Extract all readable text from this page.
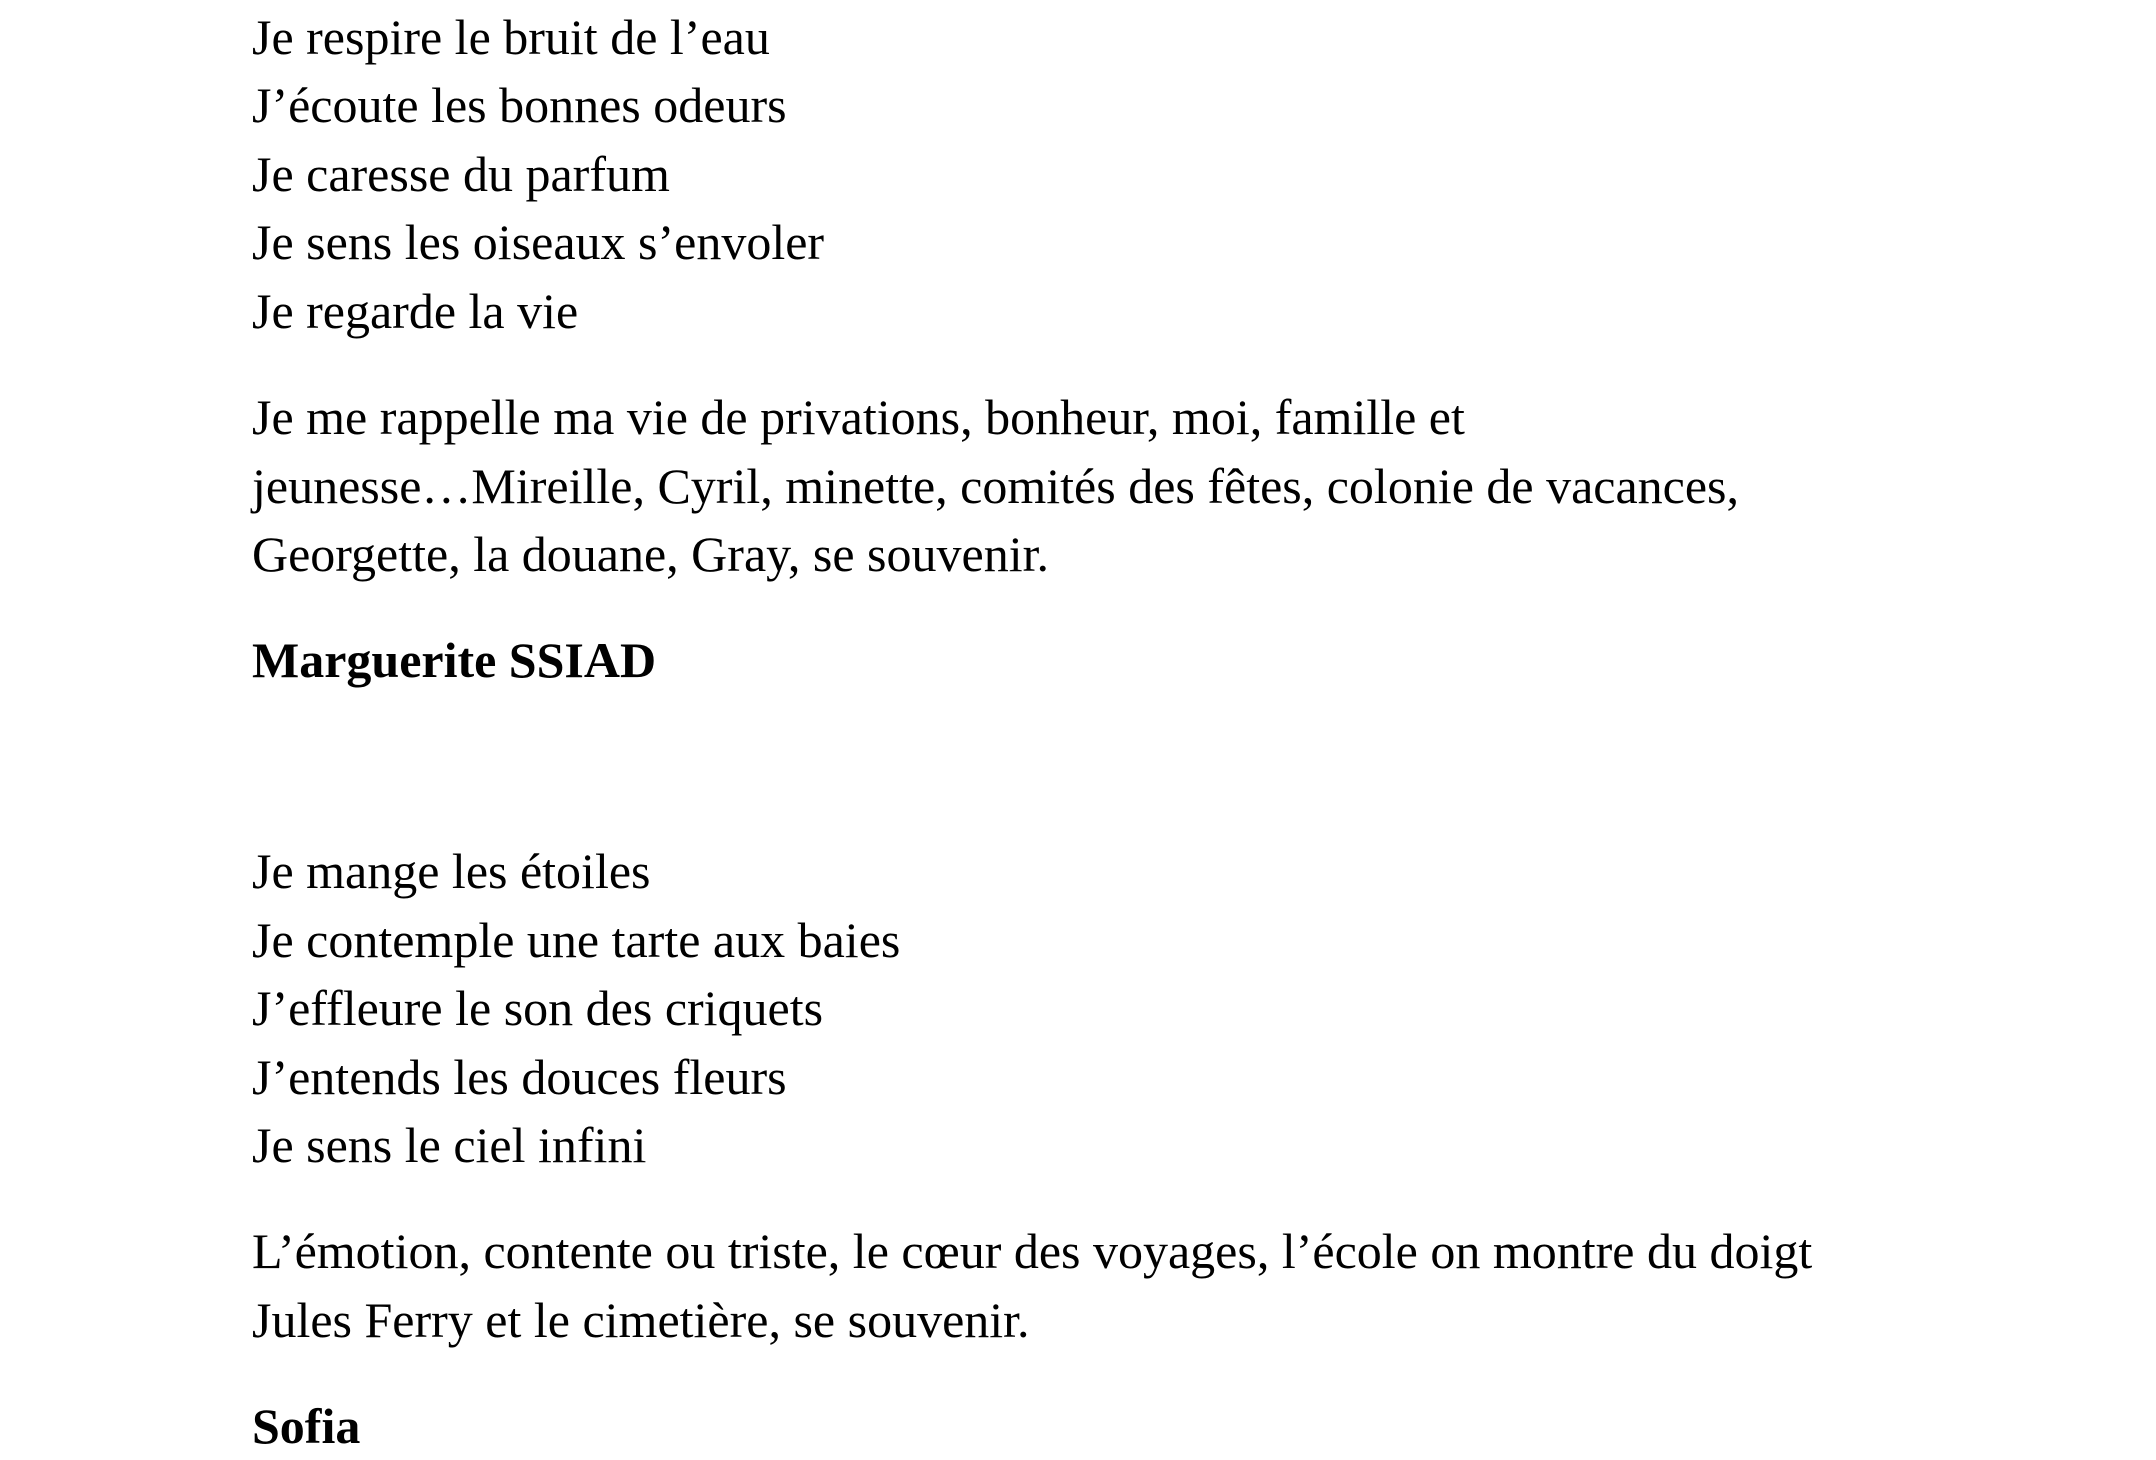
Je respire le bruit de l’eau
J’écoute les bonnes odeurs
Je caresse du parfum
Je sens les oiseaux s’envoler
Je regarde la vie
Je me rappelle ma vie de privations, bonheur, moi, famille et
jeunesse…Mireille, Cyril, minette, comités des fêtes, colonie de vacances,
Georgette, la douane, Gray, se souvenir.
Marguerite SSIAD
Je mange les étoiles
Je contemple une tarte aux baies
J’effleure le son des criquets
J’entends les douces fleurs
Je sens le ciel infini
L’émotion, contente ou triste, le cœur des voyages, l’école on montre du doigt
Jules Ferry et le cimetière, se souvenir.
Sofia
